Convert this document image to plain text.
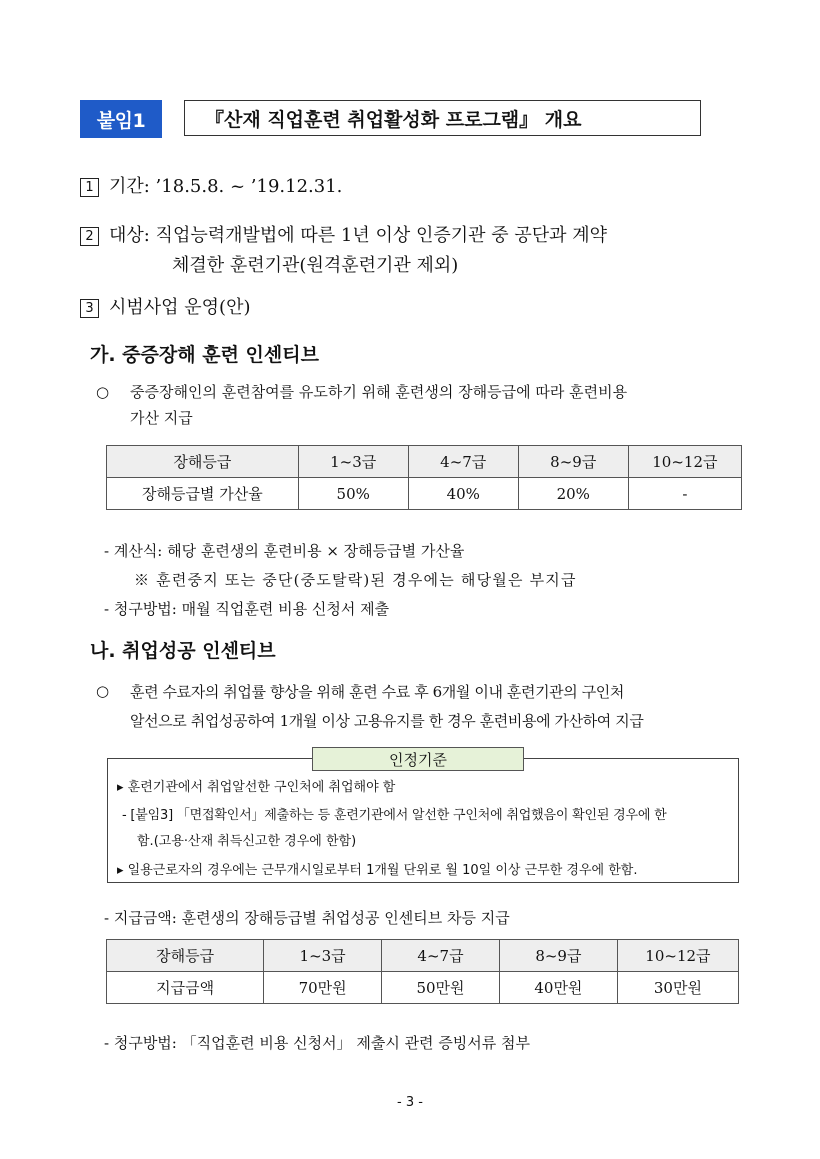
붙임1	『산재 직업훈련 취업활성화 프로그램』 개요
1 기간: ’18.5.8. ~ ’19.12.31.
2 대상: 직업능력개발법에 따른 1년 이상 인증기관 중 공단과 계약
체결한 훈련기관(원격훈련기관 제외)
3 시범사업 운영(안)
가. 중증장해 훈련 인센티브
○ 중증장해인의 훈련참여를 유도하기 위해 훈련생의 장해등급에 따라 훈련비용
가산 지급
장해등급	1~3급	4~7급	8~9급	10~12급
장해등급별 가산율	50%	40%	20%	-
- 계산식: 해당 훈련생의 훈련비용 × 장해등급별 가산율
※ 훈련중지 또는 중단(중도탈락)된 경우에는 해당월은 부지급
- 청구방법: 매월 직업훈련 비용 신청서 제출
나. 취업성공 인센티브
○ 훈련 수료자의 취업률 향상을 위해 훈련 수료 후 6개월 이내 훈련기관의 구인처
알선으로 취업성공하여 1개월 이상 고용유지를 한 경우 훈련비용에 가산하여 지급
인정기준
▸ 훈련기관에서 취업알선한 구인처에 취업해야 함
- [붙임3] 「면접확인서」제출하는 등 훈련기관에서 알선한 구인처에 취업했음이 확인된 경우에 한
함.(고용·산재 취득신고한 경우에 한함)
▸ 일용근로자의 경우에는 근무개시일로부터 1개월 단위로 월 10일 이상 근무한 경우에 한함.
- 지급금액: 훈련생의 장해등급별 취업성공 인센티브 차등 지급
장해등급	1~3급	4~7급	8~9급	10~12급
지급금액	70만원	50만원	40만원	30만원
- 청구방법: 「직업훈련 비용 신청서」 제출시 관련 증빙서류 첨부
- 3 -
